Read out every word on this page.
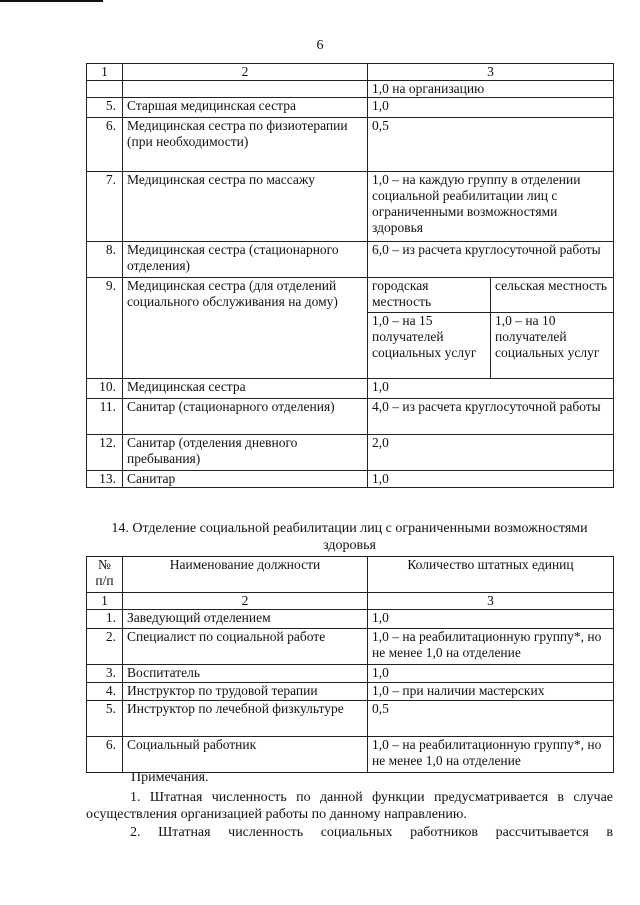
6
1	2	3
		1,0 на организацию
5.	Старшая медицинская сестра	1,0
6.	Медицинская сестра по физиотерапии (при необходимости)	0,5
7.	Медицинская сестра по массажу	1,0 – на каждую группу в отделении социальной реабилитации лиц с ограниченными возможностями здоровья
8.	Медицинская сестра (стационарного отделения)	6,0 – из расчета круглосуточной работы
9.	Медицинская сестра (для отделений социального обслуживания на дому)	
городская местность	сельская местность
1,0 – на 15 получателей социальных услуг	1,0 – на 10 получателей социальных услуг

10.	Медицинская сестра	1,0
11.	Санитар (стационарного отделения)	4,0 – из расчета круглосуточной работы
12.	Санитар (отделения дневного пребывания)	2,0
13.	Санитар	1,0
14. Отделение социальной реабилитации лиц с ограниченными возможностями здоровья
№ п/п	Наименование должности	Количество штатных единиц
1	2	3
1.	Заведующий отделением	1,0
2.	Специалист по социальной работе	1,0 – на реабилитационную группу*, но не менее 1,0 на отделение
3.	Воспитатель	1,0
4.	Инструктор по трудовой терапии	1,0 – при наличии мастерских
5.	Инструктор по лечебной физкультуре	0,5
6.	Социальный работник	1,0 – на реабилитационную группу*, но не менее 1,0 на отделение
Примечания.
1. Штатная численность по данной функции предусматривается в случае
осуществления организацией работы по данному направлению.
2. Штатная численность социальных работников рассчитывается в
